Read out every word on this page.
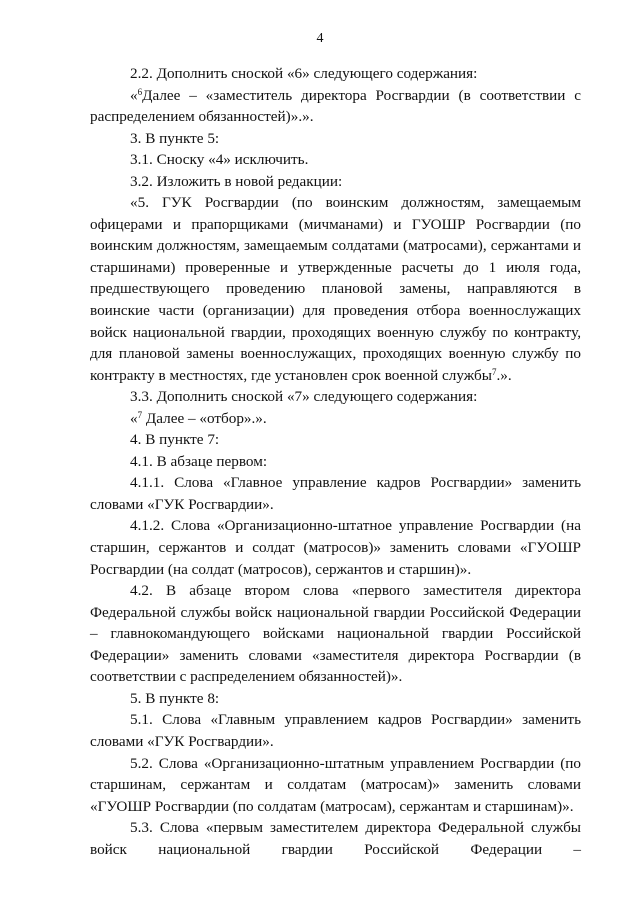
4

2.2. Дополнить сноской «6» следующего содержания:

«$^6$Далее – «заместитель директора Росгвардии (в соответствии с распределением обязанностей)».».

3. В пункте 5:

3.1. Сноску «4» исключить.

3.2. Изложить в новой редакции:

«5. ГУК Росгвардии (по воинским должностям, замещаемым офицерами и прапорщиками (мичманами) и ГУОШР Росгвардии (по воинским должностям, замещаемым солдатами (матросами), сержантами и старшинами) проверенные и утвержденные расчеты до 1 июля года, предшествующего проведению плановой замены, направляются в воинские части (организации) для проведения отбора военнослужащих войск национальной гвардии, проходящих военную службу по контракту, для плановой замены военнослужащих, проходящих военную службу по контракту в местностях, где установлен срок военной службы$^7$.».

3.3. Дополнить сноской «7» следующего содержания:

«$^7$ Далее – «отбор».».

4. В пункте 7:

4.1. В абзаце первом:

4.1.1. Слова «Главное управление кадров Росгвардии» заменить словами «ГУК Росгвардии».

4.1.2. Слова «Организационно-штатное управление Росгвардии (на старшин, сержантов и солдат (матросов)» заменить словами «ГУОШР Росгвардии (на солдат (матросов), сержантов и старшин)».

4.2. В абзаце втором слова «первого заместителя директора Федеральной службы войск национальной гвардии Российской Федерации – главнокомандующего войсками национальной гвардии Российской Федерации» заменить словами «заместителя директора Росгвардии (в соответствии с распределением обязанностей)».

5. В пункте 8:

5.1. Слова «Главным управлением кадров Росгвардии» заменить словами «ГУК Росгвардии».

5.2. Слова «Организационно-штатным управлением Росгвардии (по старшинам, сержантам и солдатам (матросам)» заменить словами «ГУОШР Росгвардии (по солдатам (матросам), сержантам и старшинам)».

5.3. Слова «первым заместителем директора Федеральной службы войск национальной гвардии Российской Федерации –
